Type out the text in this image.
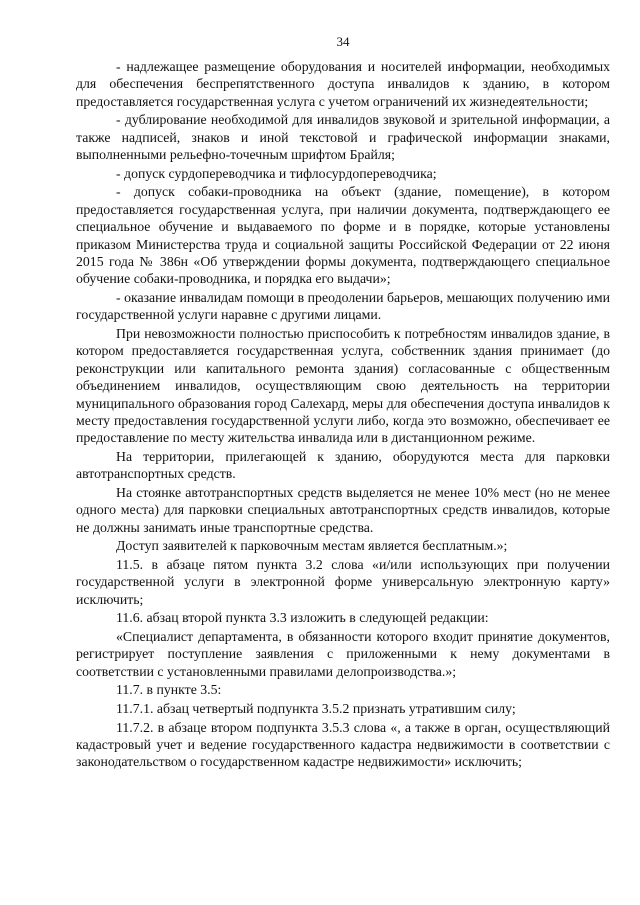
34

- надлежащее размещение оборудования и носителей информации, необходимых для обеспечения беспрепятственного доступа инвалидов к зданию, в котором предоставляется государственная услуга с учетом ограничений их жизнедеятельности;

- дублирование необходимой для инвалидов звуковой и зрительной информации, а также надписей, знаков и иной текстовой и графической информации знаками, выполненными рельефно-точечным шрифтом Брайля;

- допуск сурдопереводчика и тифлосурдопереводчика;

- допуск собаки-проводника на объект (здание, помещение), в котором предоставляется государственная услуга, при наличии документа, подтверждающего ее специальное обучение и выдаваемого по форме и в порядке, которые установлены приказом Министерства труда и социальной защиты Российской Федерации от 22 июня 2015 года № 386н «Об утверждении формы документа, подтверждающего специальное обучение собаки-проводника, и порядка его выдачи»;

- оказание инвалидам помощи в преодолении барьеров, мешающих получению ими государственной услуги наравне с другими лицами.

При невозможности полностью приспособить к потребностям инвалидов здание, в котором предоставляется государственная услуга, собственник здания принимает (до реконструкции или капитального ремонта здания) согласованные с общественным объединением инвалидов, осуществляющим свою деятельность на территории муниципального образования город Салехард, меры для обеспечения доступа инвалидов к месту предоставления государственной услуги либо, когда это возможно, обеспечивает ее предоставление по месту жительства инвалида или в дистанционном режиме.

На территории, прилегающей к зданию, оборудуются места для парковки автотранспортных средств.

На стоянке автотранспортных средств выделяется не менее 10% мест (но не менее одного места) для парковки специальных автотранспортных средств инвалидов, которые не должны занимать иные транспортные средства.

Доступ заявителей к парковочным местам является бесплатным.»;

11.5. в абзаце пятом пункта 3.2 слова «и/или использующих при получении государственной услуги в электронной форме универсальную электронную карту» исключить;

11.6. абзац второй пункта 3.3 изложить в следующей редакции:

«Специалист департамента, в обязанности которого входит принятие документов, регистрирует поступление заявления с приложенными к нему документами в соответствии с установленными правилами делопроизводства.»;

11.7. в пункте 3.5:

11.7.1. абзац четвертый подпункта 3.5.2 признать утратившим силу;

11.7.2. в абзаце втором подпункта 3.5.3 слова «, а также в орган, осуществляющий кадастровый учет и ведение государственного кадастра недвижимости в соответствии с законодательством о государственном кадастре недвижимости» исключить;
